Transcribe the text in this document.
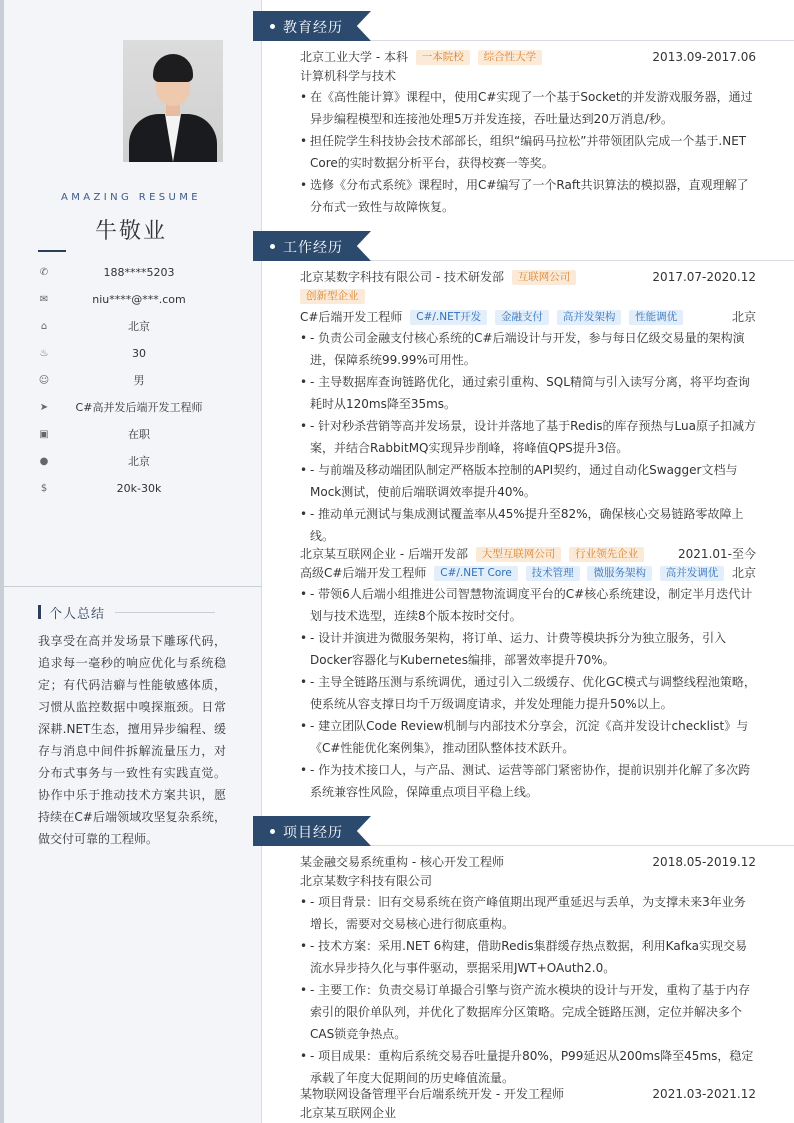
AMAZING RESUME
牛敬业
✆	188****5203
✉	niu****@***.com
⌂	北京
♨	30
☺	男
➤	C#高并发后端开发工程师
▣	在职
●	北京
$	20k-30k
个人总结
我享受在高并发场景下雕琢代码，追求每一毫秒的响应优化与系统稳定；有代码洁癖与性能敏感体质，习惯从监控数据中嗅探瓶颈。日常深耕.NET生态，擅用异步编程、缓存与消息中间件拆解流量压力，对分布式事务与一致性有实践直觉。协作中乐于推动技术方案共识，愿持续在C#后端领域攻坚复杂系统，做交付可靠的工程师。
教育经历
北京工业大学 - 本科 一本院校 综合性大学	2013.09-2017.06
计算机科学与技术
• 在《高性能计算》课程中，使用C#实现了一个基于Socket的并发游戏服务器，通过异步编程模型和连接池处理5万并发连接，吞吐量达到20万消息/秒。
• 担任院学生科技协会技术部部长，组织“编码马拉松”并带领团队完成一个基于.NET Core的实时数据分析平台，获得校赛一等奖。
• 选修《分布式系统》课程时，用C#编写了一个Raft共识算法的模拟器，直观理解了分布式一致性与故障恢复。
工作经历
北京某数字科技有限公司 - 技术研发部 互联网公司	2017.07-2020.12
创新型企业
C#后端开发工程师 C#/.NET开发 金融支付 高并发架构 性能调优	北京
• - 负责公司金融支付核心系统的C#后端设计与开发，参与每日亿级交易量的架构演进，保障系统99.99%可用性。
• - 主导数据库查询链路优化，通过索引重构、SQL精简与引入读写分离，将平均查询耗时从120ms降至35ms。
• - 针对秒杀营销等高并发场景，设计并落地了基于Redis的库存预热与Lua原子扣减方案，并结合RabbitMQ实现异步削峰，将峰值QPS提升3倍。
• - 与前端及移动端团队制定严格版本控制的API契约，通过自动化Swagger文档与Mock测试，使前后端联调效率提升40%。
• - 推动单元测试与集成测试覆盖率从45%提升至82%，确保核心交易链路零故障上线。
北京某互联网企业 - 后端开发部 大型互联网公司 行业领先企业	2021.01-至今
高级C#后端开发工程师 C#/.NET Core 技术管理 微服务架构 高并发调优 北京
• - 带领6人后端小组推进公司智慧物流调度平台的C#核心系统建设，制定半月迭代计划与技术选型，连续8个版本按时交付。
• - 设计并演进为微服务架构，将订单、运力、计费等模块拆分为独立服务，引入Docker容器化与Kubernetes编排，部署效率提升70%。
• - 主导全链路压测与系统调优，通过引入二级缓存、优化GC模式与调整线程池策略，使系统从容支撑日均千万级调度请求，并发处理能力提升50%以上。
• - 建立团队Code Review机制与内部技术分享会，沉淀《高并发设计checklist》与《C#性能优化案例集》，推动团队整体技术跃升。
• - 作为技术接口人，与产品、测试、运营等部门紧密协作，提前识别并化解了多次跨系统兼容性风险，保障重点项目平稳上线。
项目经历
某金融交易系统重构 - 核心开发工程师	2018.05-2019.12
北京某数字科技有限公司
• - 项目背景：旧有交易系统在资产峰值期出现严重延迟与丢单，为支撑未来3年业务增长，需要对交易核心进行彻底重构。
• - 技术方案：采用.NET 6构建，借助Redis集群缓存热点数据，利用Kafka实现交易流水异步持久化与事件驱动，票据采用JWT+OAuth2.0。
• - 主要工作：负责交易订单撮合引擎与资产流水模块的设计与开发，重构了基于内存索引的限价单队列，并优化了数据库分区策略。完成全链路压测，定位并解决多个CAS锁竞争热点。
• - 项目成果：重构后系统交易吞吐量提升80%，P99延迟从200ms降至45ms，稳定承载了年度大促期间的历史峰值流量。
某物联网设备管理平台后端系统开发 - 开发工程师	2021.03-2021.12
北京某互联网企业
